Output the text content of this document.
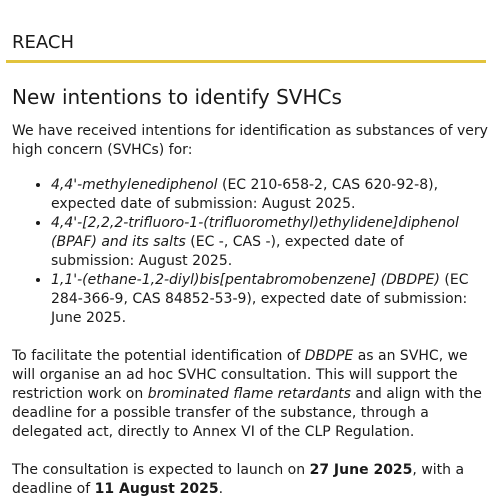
REACH
New intentions to identify SVHCs

We have received intentions for identification as substances of very high concern (SVHCs) for:

• 4,4'-methylenediphenol (EC 210-658-2, CAS 620-92-8), expected date of submission: August 2025.
• 4,4'-[2,2,2-trifluoro-1-(trifluoromethyl)ethylidene]diphenol (BPAF) and its salts (EC -, CAS -), expected date of submission: August 2025.
• 1,1'-(ethane-1,2-diyl)bis[pentabromobenzene] (DBDPE) (EC 284-366-9, CAS 84852-53-9), expected date of submission: June 2025.

To facilitate the potential identification of DBDPE as an SVHC, we will organise an ad hoc SVHC consultation. This will support the restriction work on brominated flame retardants and align with the deadline for a possible transfer of the substance, through a delegated act, directly to Annex VI of the CLP Regulation.

The consultation is expected to launch on 27 June 2025, with a deadline of 11 August 2025.
